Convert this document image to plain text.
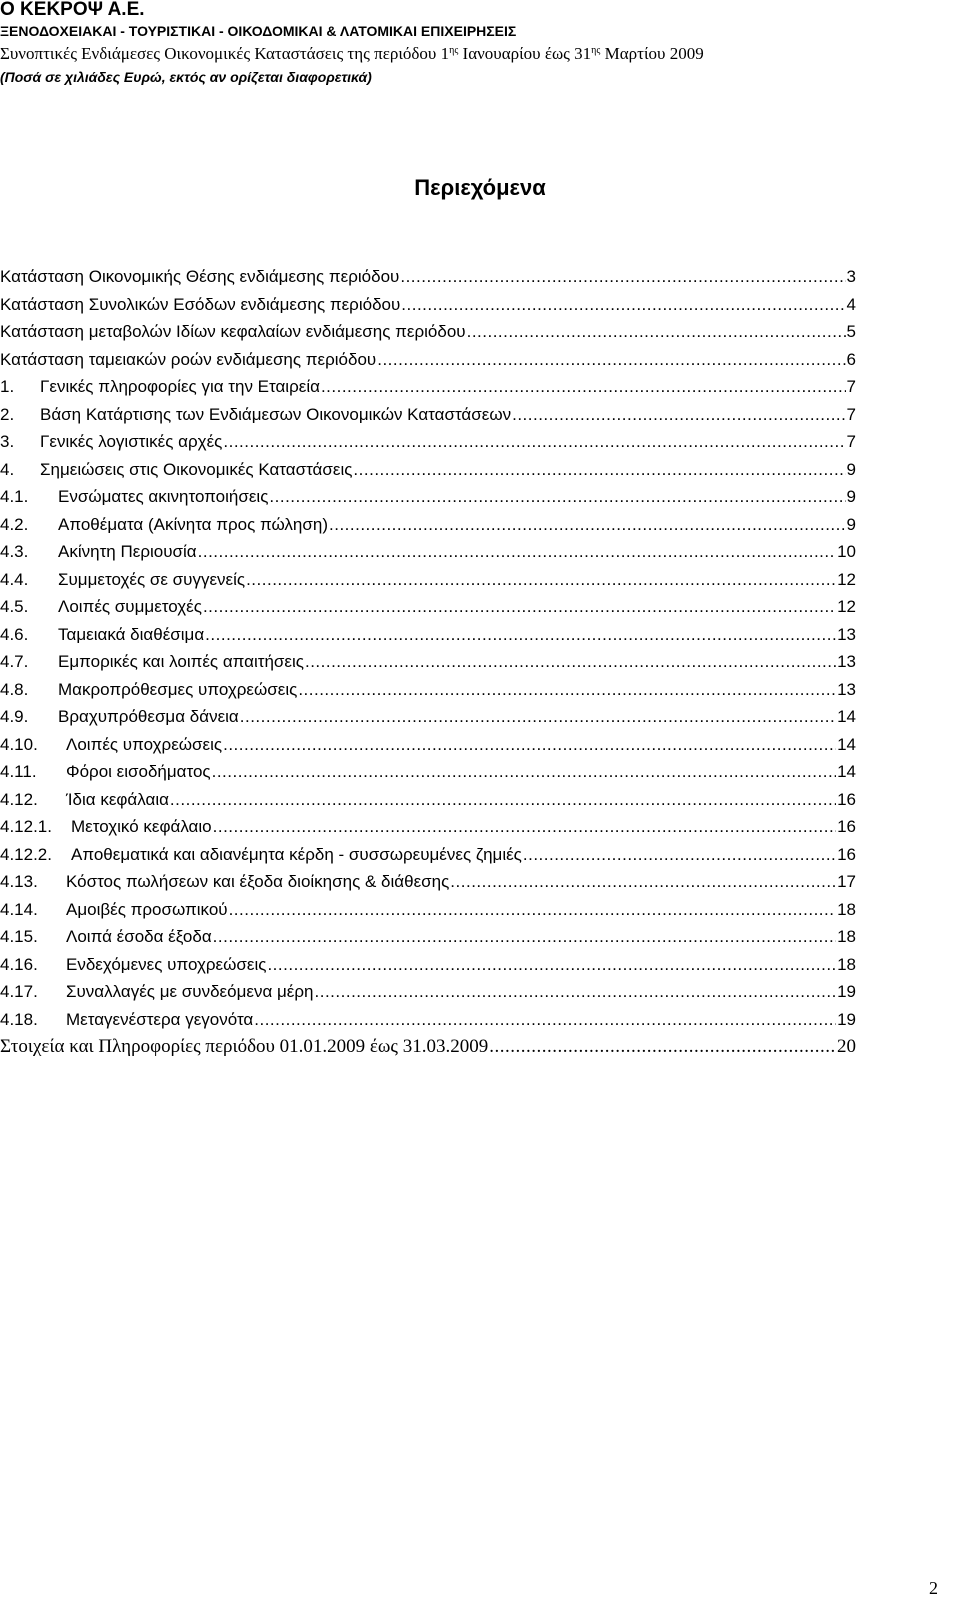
Ο ΚΕΚΡΟΨ Α.Ε.

ΞΕΝΟΔΟΧΕΙΑΚΑΙ - ΤΟΥΡΙΣΤΙΚΑΙ - ΟΙΚΟΔΟΜΙΚΑΙ & ΛΑΤΟΜΙΚΑΙ ΕΠΙΧΕΙΡΗΣΕΙΣ

Συνοπτικές Ενδιάμεσες Οικονομικές Καταστάσεις της περιόδου $1^{\eta\varsigma}$ Ιανουαρίου έως $31^{\eta\varsigma}$ Μαρτίου 2009

(Ποσά σε χιλιάδες Ευρώ, εκτός αν ορίζεται διαφορετικά)

Περιεχόμενα
Κατάσταση Οικονομικής Θέσης ενδιάμεσης περιόδου .....	3
Κατάσταση Συνολικών Εσόδων ενδιάμεσης περιόδου .....	4
Κατάσταση μεταβολών Ιδίων κεφαλαίων ενδιάμεσης περιόδου .....	5
Κατάσταση ταμειακών ροών ενδιάμεσης περιόδου .....	6
1.	Γενικές πληροφορίες για την Εταιρεία .....	7
2.	Βάση Κατάρτισης των Ενδιάμεσων Οικονομικών Καταστάσεων .....	7
3.	Γενικές λογιστικές αρχές .....	7
4.	Σημειώσεις στις Οικονομικές Καταστάσεις .....	9
4.1.	Ενσώματες ακινητοποιήσεις .....	9
4.2.	Αποθέματα (Ακίνητα προς πώληση) .....	9
4.3.	Ακίνητη Περιουσία .....	10
4.4.	Συμμετοχές σε συγγενείς .....	12
4.5.	Λοιπές συμμετοχές .....	12
4.6.	Ταμειακά διαθέσιμα .....	13
4.7.	Εμπορικές και λοιπές απαιτήσεις .....	13
4.8.	Μακροπρόθεσμες υποχρεώσεις .....	13
4.9.	Βραχυπρόθεσμα δάνεια .....	14
4.10.	Λοιπές υποχρεώσεις .....	14
4.11.	Φόροι εισοδήματος .....	14
4.12.	Ίδια κεφάλαια .....	16
4.12.1.	Μετοχικό κεφάλαιο .....	16
4.12.2.	Αποθεματικά και αδιανέμητα κέρδη - συσσωρευμένες ζημιές .....	16
4.13.	Κόστος πωλήσεων και έξοδα διοίκησης & διάθεσης .....	17
4.14.	Αμοιβές προσωπικού .....	18
4.15.	Λοιπά έσοδα έξοδα .....	18
4.16.	Ενδεχόμενες υποχρεώσεις .....	18
4.17.	Συναλλαγές με συνδεόμενα μέρη .....	19
4.18.	Μεταγενέστερα γεγονότα .....	19
Στοιχεία και Πληροφορίες περιόδου 01.01.2009 έως 31.03.2009 .....	20

2
